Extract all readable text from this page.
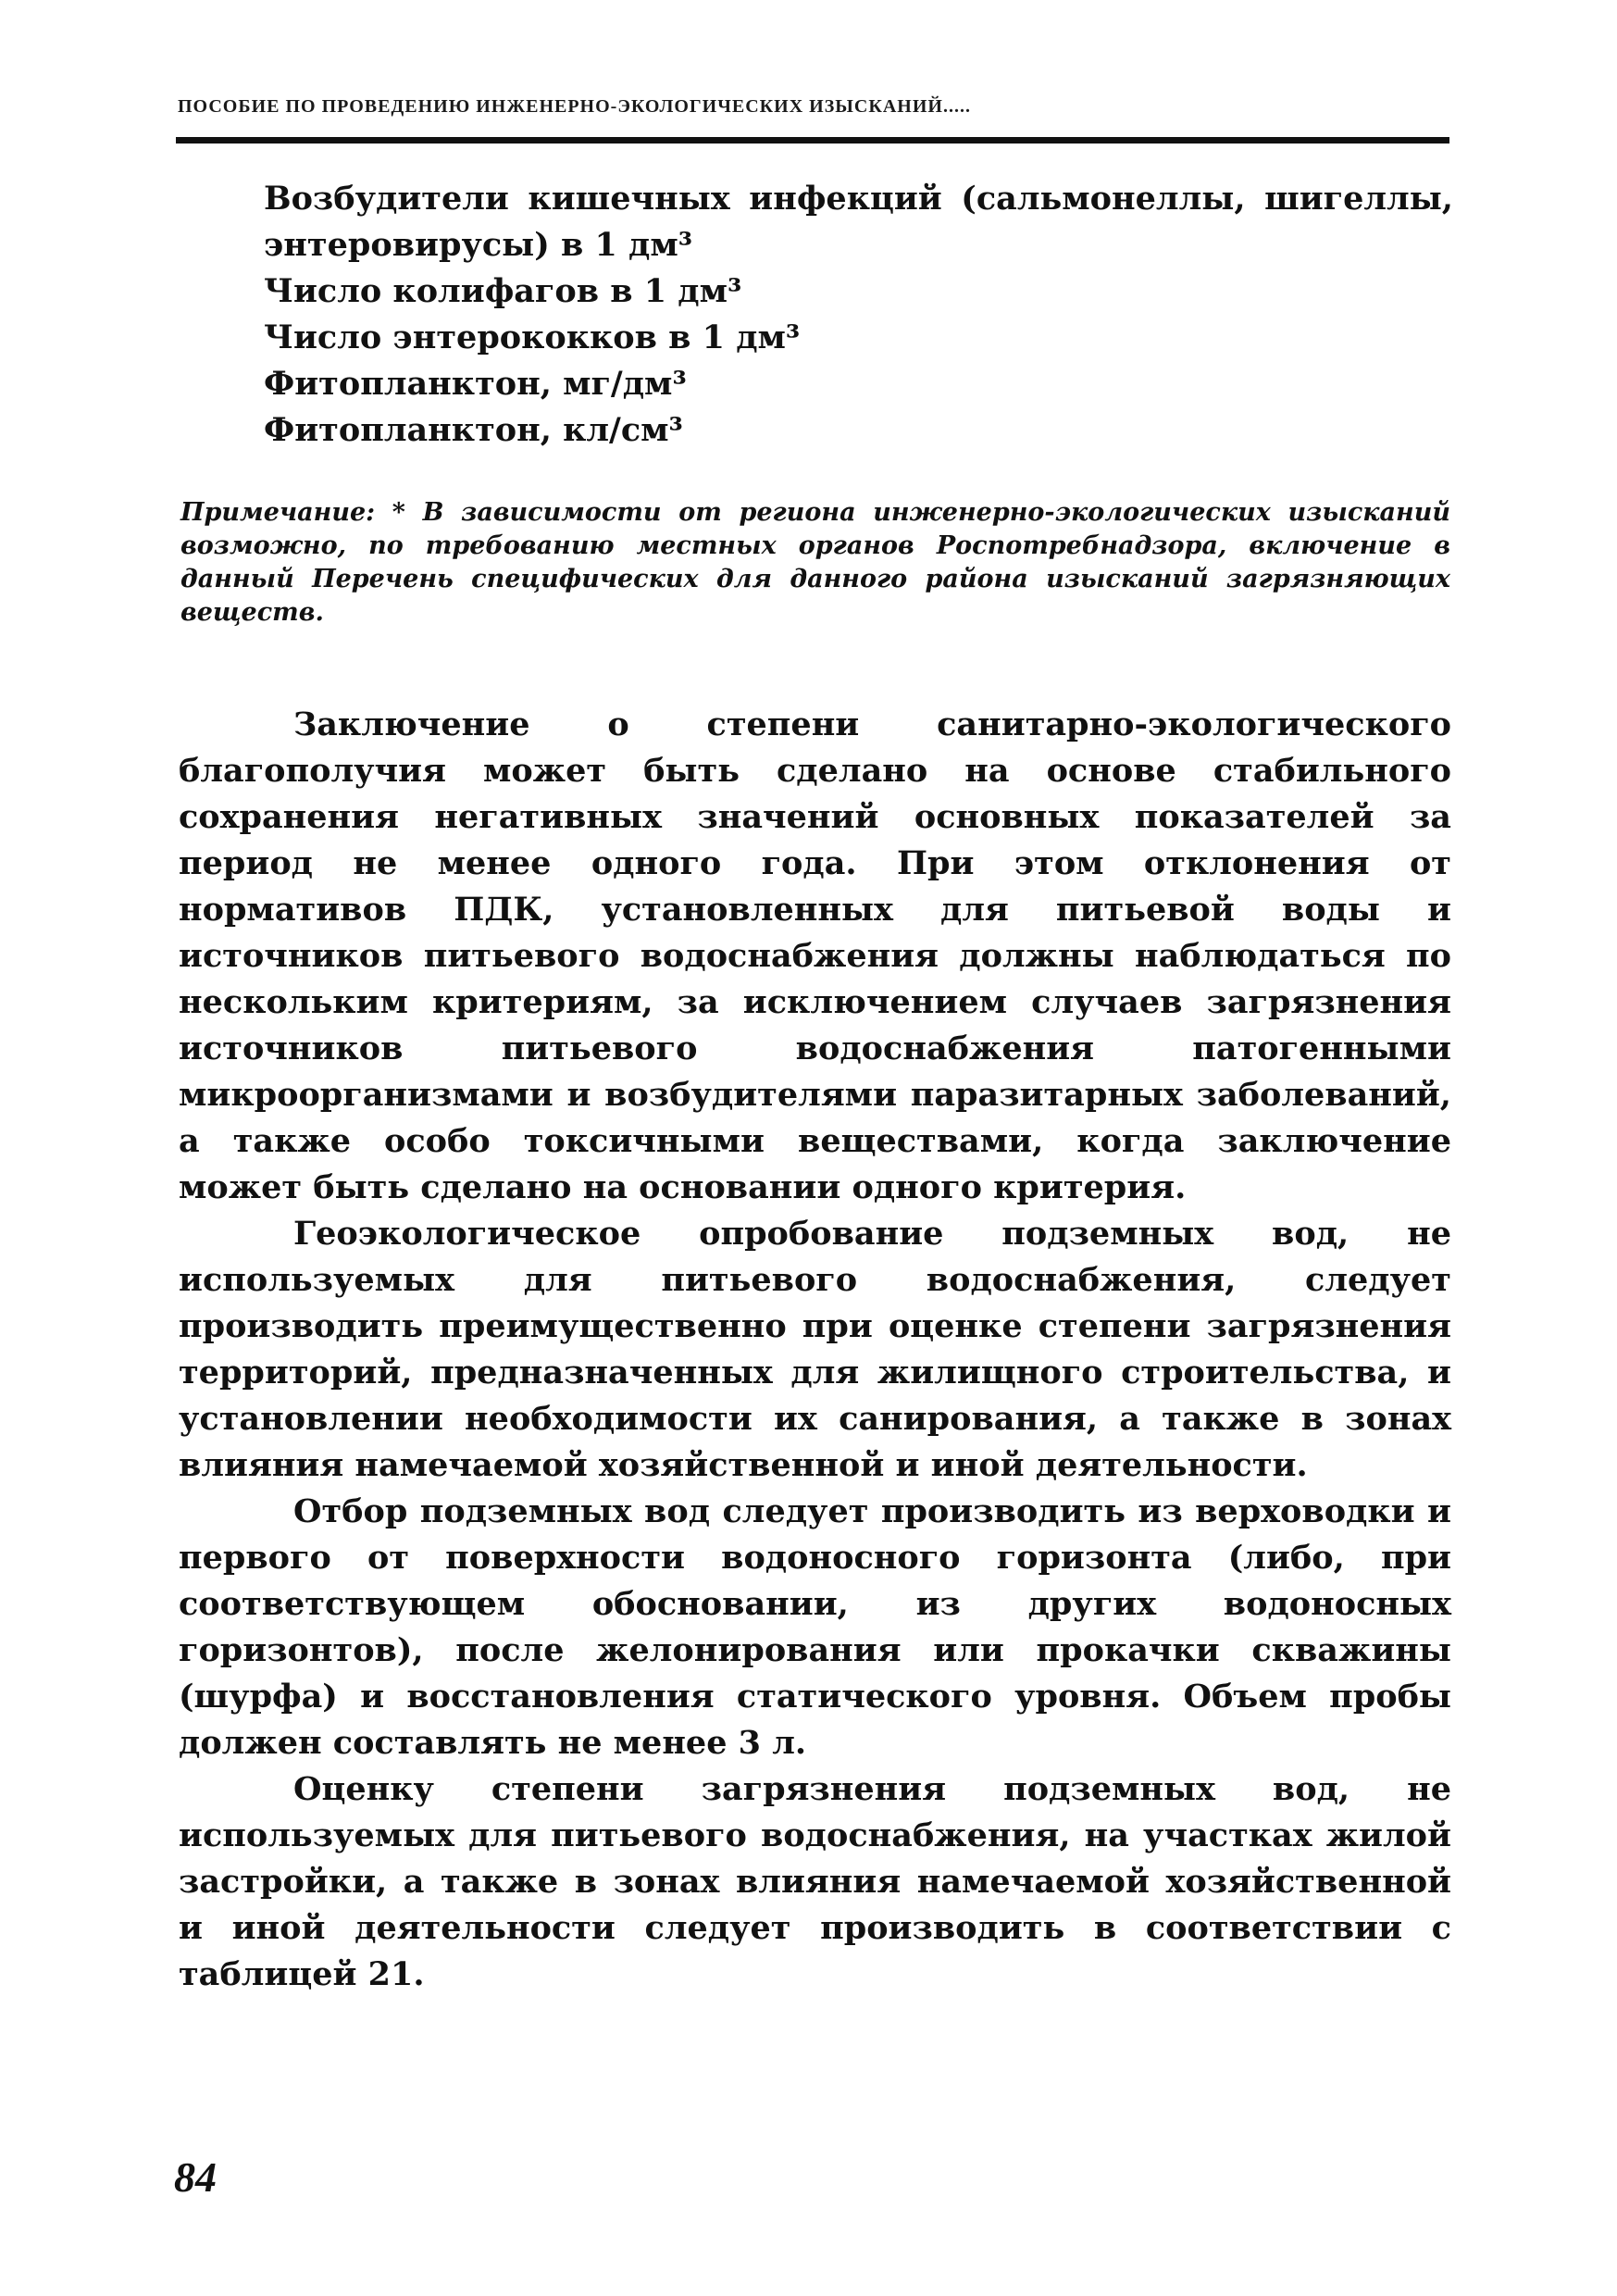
ПОСОБИЕ ПО ПРОВЕДЕНИЮ ИНЖЕНЕРНО-ЭКОЛОГИЧЕСКИХ ИЗЫСКАНИЙ.....

Возбудители кишечных инфекций (сальмонеллы, шигеллы, энтеровирусы) в 1 дм³

Число колифагов в 1 дм³

Число энтерококков в 1 дм³

Фитопланктон, мг/дм³

Фитопланктон, кл/см³

Примечание: * В зависимости от региона инженерно-экологических изысканий возможно, по требованию местных органов Роспотребнадзора, включение в данный Перечень специфических для данного района изысканий загрязняющих веществ.

Заключение о степени санитарно-экологического благополучия может быть сделано на основе стабильного сохранения негативных значений основных показателей за период не менее одного года. При этом отклонения от нормативов ПДК, установленных для питьевой воды и источников питьевого водоснабжения должны наблюдаться по нескольким критериям, за исключением случаев загрязнения источников питьевого водоснабжения патогенными микроорганизмами и возбудителями паразитарных заболеваний, а также особо токсичными веществами, когда заключение может быть сделано на основании одного критерия.

Геоэкологическое опробование подземных вод, не используемых для питьевого водоснабжения, следует производить преимущественно при оценке степени загрязнения территорий, предназначенных для жилищного строительства, и установлении необходимости их санирования, а также в зонах влияния намечаемой хозяйственной и иной деятельности.

Отбор подземных вод следует производить из верховодки и первого от поверхности водоносного горизонта (либо, при соответствующем обосновании, из других водоносных горизонтов), после желонирования или прокачки скважины (шурфа) и восстановления статического уровня. Объем пробы должен составлять не менее 3 л.

Оценку степени загрязнения подземных вод, не используемых для питьевого водоснабжения, на участках жилой застройки, а также в зонах влияния намечаемой хозяйственной и иной деятельности следует производить в соответствии с таблицей 21.

84
